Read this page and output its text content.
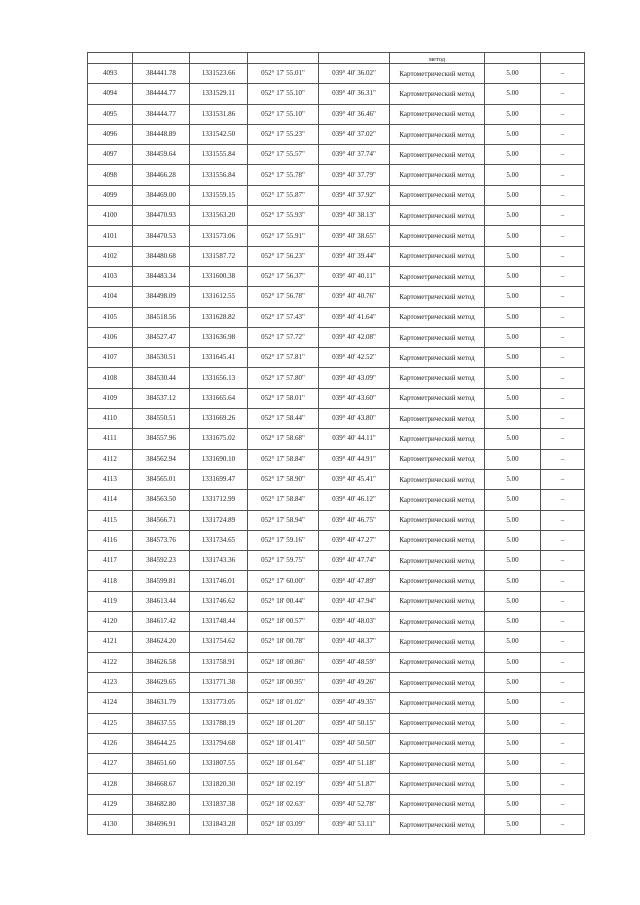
					метод		
4093	384441.78	1331523.66	052° 17' 55.01"	039° 40' 36.02"	Картометрический метод	5.00	–
4094	384444.77	1331529.11	052° 17' 55.10"	039° 40' 36.31"	Картометрический метод	5.00	–
4095	384444.77	1331531.86	052° 17' 55.10"	039° 40' 36.46"	Картометрический метод	5.00	–
4096	384448.89	1331542.50	052° 17' 55.23"	039° 40' 37.02"	Картометрический метод	5.00	–
4097	384459.64	1331555.84	052° 17' 55.57"	039° 40' 37.74"	Картометрический метод	5.00	–
4098	384466.28	1331556.84	052° 17' 55.78"	039° 40' 37.79"	Картометрический метод	5.00	–
4099	384469.00	1331559.15	052° 17' 55.87"	039° 40' 37.92"	Картометрический метод	5.00	–
4100	384470.93	1331563.20	052° 17' 55.93"	039° 40' 38.13"	Картометрический метод	5.00	–
4101	384470.53	1331573.06	052° 17' 55.91"	039° 40' 38.65"	Картометрический метод	5.00	–
4102	384480.68	1331587.72	052° 17' 56.23"	039° 40' 39.44"	Картометрический метод	5.00	–
4103	384483.34	1331600.38	052° 17' 56.37"	039° 40' 40.11"	Картометрический метод	5.00	–
4104	384498.09	1331612.55	052° 17' 56.78"	039° 40' 40.76"	Картометрический метод	5.00	–
4105	384518.56	1331628.82	052° 17' 57.43"	039° 40' 41.64"	Картометрический метод	5.00	–
4106	384527.47	1331636.98	052° 17' 57.72"	039° 40' 42.08"	Картометрический метод	5.00	–
4107	384530.51	1331645.41	052° 17' 57.81"	039° 40' 42.52"	Картометрический метод	5.00	–
4108	384530.44	1331656.13	052° 17' 57.80"	039° 40' 43.09"	Картометрический метод	5.00	–
4109	384537.12	1331665.64	052° 17' 58.01"	039° 40' 43.60"	Картометрический метод	5.00	–
4110	384550.51	1331669.26	052° 17' 58.44"	039° 40' 43.80"	Картометрический метод	5.00	–
4111	384557.96	1331675.02	052° 17' 58.68"	039° 40' 44.11"	Картометрический метод	5.00	–
4112	384562.94	1331690.10	052° 17' 58.84"	039° 40' 44.91"	Картометрический метод	5.00	–
4113	384565.01	1331699.47	052° 17' 58.90"	039° 40' 45.41"	Картометрический метод	5.00	–
4114	384563.50	1331712.99	052° 17' 58.84"	039° 40' 46.12"	Картометрический метод	5.00	–
4115	384566.71	1331724.89	052° 17' 58.94"	039° 40' 46.75"	Картометрический метод	5.00	–
4116	384573.76	1331734.65	052° 17' 59.16"	039° 40' 47.27"	Картометрический метод	5.00	–
4117	384592.23	1331743.36	052° 17' 59.75"	039° 40' 47.74"	Картометрический метод	5.00	–
4118	384599.81	1331746.01	052° 17' 60.00"	039° 40' 47.89"	Картометрический метод	5.00	–
4119	384613.44	1331746.62	052° 18' 00.44"	039° 40' 47.94"	Картометрический метод	5.00	–
4120	384617.42	1331748.44	052° 18' 00.57"	039° 40' 48.03"	Картометрический метод	5.00	–
4121	384624.20	1331754.62	052° 18' 00.78"	039° 40' 48.37"	Картометрический метод	5.00	–
4122	384626.58	1331758.91	052° 18' 00.86"	039° 40' 48.59"	Картометрический метод	5.00	–
4123	384629.65	1331771.38	052° 18' 00.95"	039° 40' 49.26"	Картометрический метод	5.00	–
4124	384631.79	1331773.05	052° 18' 01.02"	039° 40' 49.35"	Картометрический метод	5.00	–
4125	384637.55	1331788.19	052° 18' 01.20"	039° 40' 50.15"	Картометрический метод	5.00	–
4126	384644.25	1331794.68	052° 18' 01.41"	039° 40' 50.50"	Картометрический метод	5.00	–
4127	384651.60	1331807.55	052° 18' 01.64"	039° 40' 51.18"	Картометрический метод	5.00	–
4128	384668.67	1331820.30	052° 18' 02.19"	039° 40' 51.87"	Картометрический метод	5.00	–
4129	384682.80	1331837.38	052° 18' 02.63"	039° 40' 52.78"	Картометрический метод	5.00	–
4130	384696.91	1331843.28	052° 18' 03.09"	039° 40' 53.11"	Картометрический метод	5.00	–
